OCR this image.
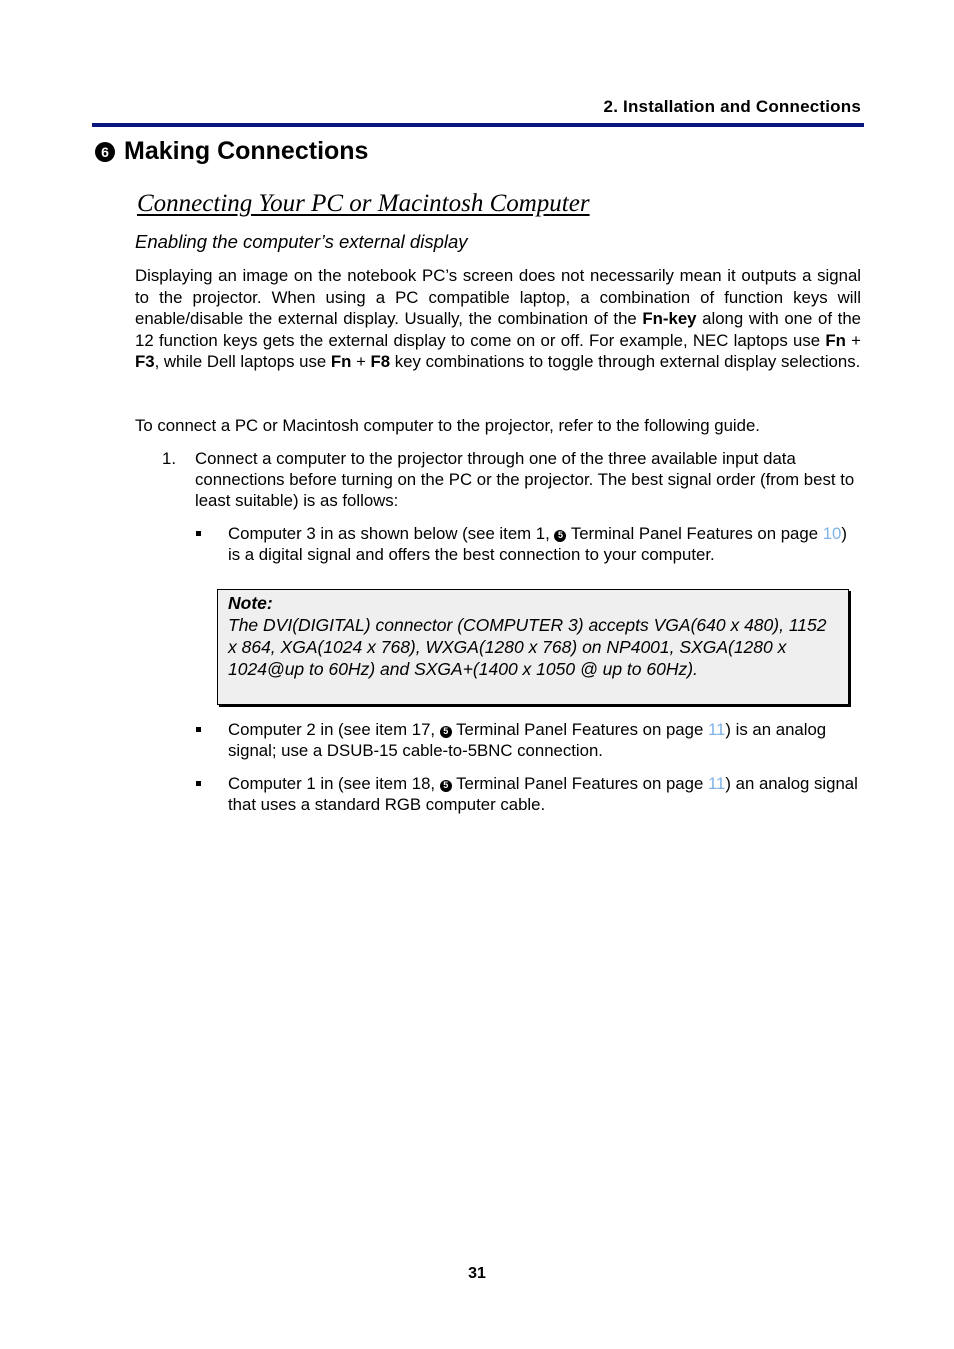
2. Installation and Connections
6 Making Connections
Connecting Your PC or Macintosh Computer
Enabling the computer’s external display
Displaying an image on the notebook PC’s screen does not necessarily mean it outputs a signal to the projector. When using a PC compatible laptop, a combination of function keys will enable/disable the external display. Usually, the combination of the Fn-key along with one of the 12 function keys gets the external display to come on or off. For example, NEC laptops use Fn + F3, while Dell laptops use Fn + F8 key combinations to toggle through external display selections.
To connect a PC or Macintosh computer to the projector, refer to the following guide.
1. Connect a computer to the projector through one of the three available input data connections before turning on the PC or the projector. The best signal order (from best to least suitable) is as follows:
Computer 3 in as shown below (see item 1, 5 Terminal Panel Features on page 10) is a digital signal and offers the best connection to your computer.
Note:
The DVI(DIGITAL) connector (COMPUTER 3) accepts VGA(640 x 480), 1152 x 864, XGA(1024 x 768), WXGA(1280 x 768) on NP4001, SXGA(1280 x 1024@up to 60Hz) and SXGA+(1400 x 1050 @ up to 60Hz).
Computer 2 in (see item 17, 5 Terminal Panel Features on page 11) is an analog signal; use a DSUB-15 cable-to-5BNC connection.
Computer 1 in (see item 18, 5 Terminal Panel Features on page 11) an analog signal that uses a standard RGB computer cable.
31
